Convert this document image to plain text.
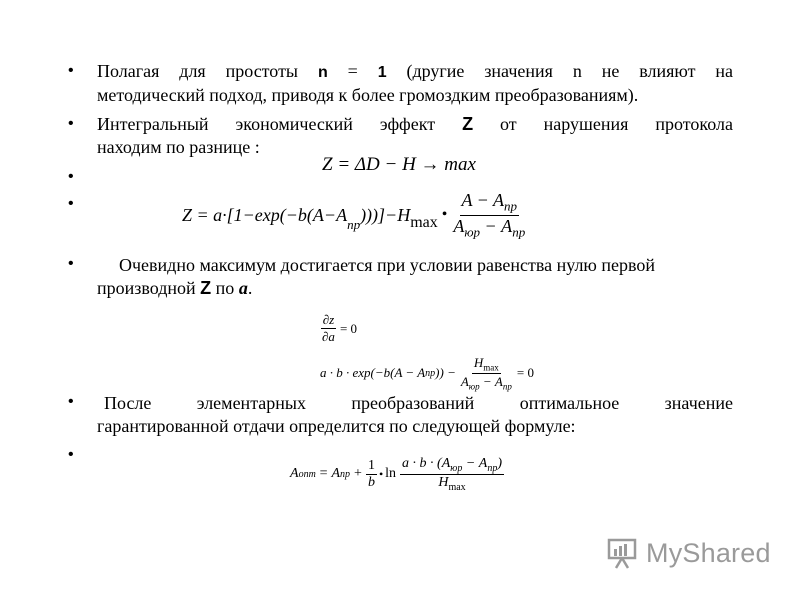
•
•
•
•
•
•
•
Полагая для простоты n = 1 (другие значения n не влияют на
методический подход, приводя к более громоздким преобразованиям).
Интегральный экономический эффект Z от нарушения протокола
находим по разнице :
Z = ΔD − H → max
$Z = a\cdot[1-\exp(-b(A-A_{np}$ )))]−H max • $\frac{A - A_{np}}{A_{юр} - A_{np}}$
Очевидно максимум достигается при условии равенства нулю первой
производной Z по a.
$\frac{\partial z}{\partial a} = 0$
a · b · exp(−b(A − A np )) − $\frac{H_{max}}{A_{юр} - A_{np}} = 0$
После элементарных преобразований оптимальное значение
гарантированной отдачи определится по следующей формуле:
A onm = A np + $\frac{1}{b}$ • $\ln \frac{a \cdot b \cdot (A_{юр} - A_{np})}{H_{max}}$
MyShared
